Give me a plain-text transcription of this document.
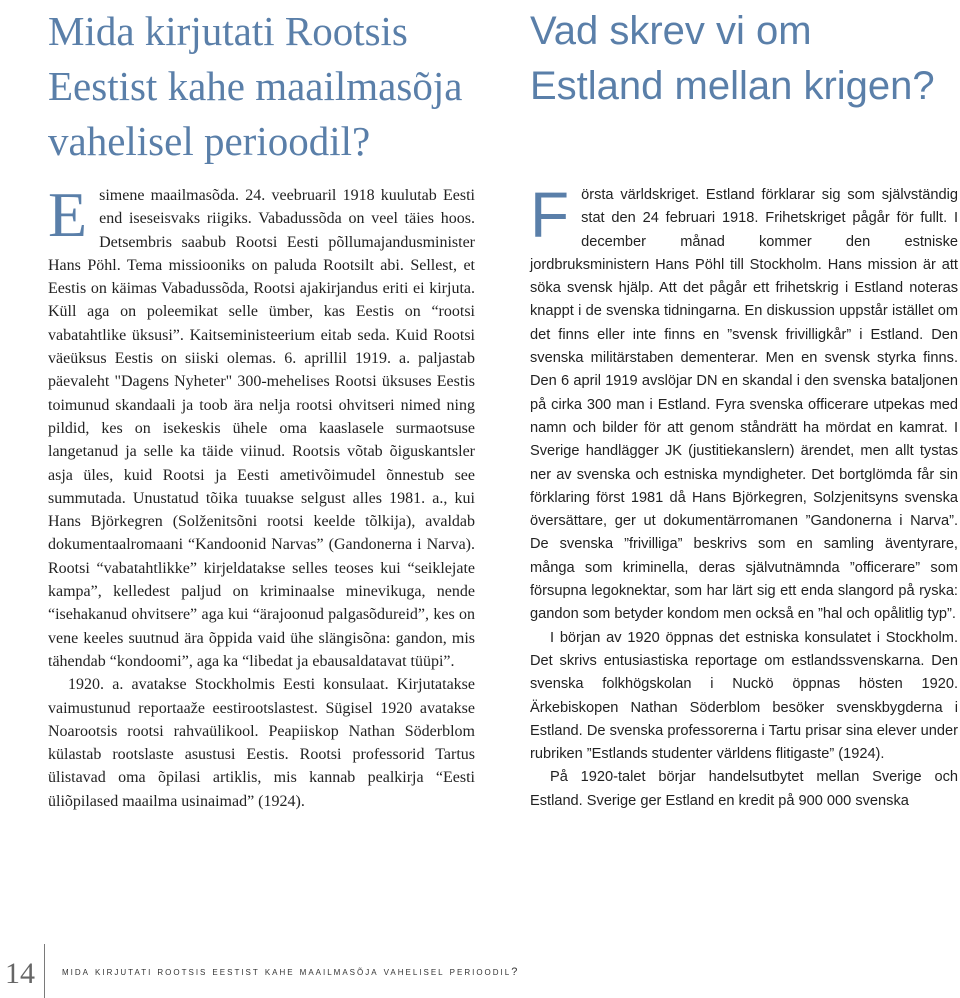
Mida kirjutati Rootsis Eestist kahe maailmasõja vahelisel perioodil?
Vad skrev vi om Estland mellan krigen?

Esimene maailmasõda. 24. veebruaril 1918 kuulutab Eesti end iseseisvaks riigiks. Vabadussõda on veel täies hoos. Detsembris saabub Rootsi Eesti põllumajandusminister Hans Pöhl. Tema missiooniks on paluda Rootsilt abi. Sellest, et Eestis on käimas Vabadussõda, Rootsi ajakirjandus eriti ei kirjuta. Küll aga on poleemikat selle ümber, kas Eestis on “rootsi vabatahtlike üksusi”. Kaitseministeerium eitab seda. Kuid Rootsi väeüksus Eestis on siiski olemas. 6. aprillil 1919. a. paljastab päevaleht "Dagens Nyheter" 300-mehelises Rootsi üksuses Eestis toimunud skandaali ja toob ära nelja rootsi ohvitseri nimed ning pildid, kes on isekeskis ühele oma kaaslasele surmaotsuse langetanud ja selle ka täide viinud. Rootsis võtab õiguskantsler asja üles, kuid Rootsi ja Eesti ametivõimudel õnnestub see summutada. Unustatud tõika tuuakse selgust alles 1981. a., kui Hans Björkegren (Solženitsõni rootsi keelde tõlkija), avaldab dokumentaalromaani “Kandoonid Narvas” (Gandonerna i Narva). Rootsi “vabatahtlikke” kirjeldatakse selles teoses kui “seiklejate kampa”, kelledest paljud on kriminaalse minevikuga, nende “isehakanud ohvitsere” aga kui “ärajoonud palgasõdureid”, kes on vene keeles suutnud ära õppida vaid ühe slängisõna: gandon, mis tähendab “kondoomi”, aga ka “libedat ja ebausaldatavat tüüpi”.

1920. a. avatakse Stockholmis Eesti konsulaat. Kirjutatakse vaimustunud reportaaže eestirootslastest. Sügisel 1920 avatakse Noarootsis rootsi rahvaülikool. Peapiiskop Nathan Söderblom külastab rootslaste asustusi Eestis. Rootsi professorid Tartus ülistavad oma õpilasi artiklis, mis kannab pealkirja “Eesti üliõpilased maailma usinaimad” (1924).

Första världskriget. Estland förklarar sig som självständig stat den 24 februari 1918. Frihetskriget pågår för fullt. I december månad kommer den estniske jordbruksministern Hans Pöhl till Stockholm. Hans mission är att söka svensk hjälp. Att det pågår ett frihetskrig i Estland noteras knappt i de svenska tidningarna. En diskussion uppstår istället om det finns eller inte finns en ”svensk frivilligkår” i Estland. Den svenska militärstaben dementerar. Men en svensk styrka finns. Den 6 april 1919 avslöjar DN en skandal i den svenska bataljonen på cirka 300 man i Estland. Fyra svenska officerare utpekas med namn och bilder för att genom ståndrätt ha mördat en kamrat. I Sverige handlägger JK (justitiekanslern) ärendet, men allt tystas ner av svenska och estniska myndigheter. Det bortglömda får sin förklaring först 1981 då Hans Björkegren, Solzjenitsyns svenska översättare, ger ut dokumentärromanen ”Gandonerna i Narva”. De svenska ”frivilliga” beskrivs som en samling äventyrare, många som kriminella, deras självutnämnda ”officerare” som försupna legoknektar, som har lärt sig ett enda slangord på ryska: gandon som betyder kondom men också en ”hal och opålitlig typ”.

I början av 1920 öppnas det estniska konsulatet i Stockholm. Det skrivs entusiastiska reportage om estlandssvenskarna. Den svenska folkhögskolan i Nuckö öppnas hösten 1920. Ärkebiskopen Nathan Söderblom besöker svenskbygderna i Estland. De svenska professorerna i Tartu prisar sina elever under rubriken ”Estlands studenter världens flitigaste” (1924).

På 1920-talet börjar handelsutbytet mellan Sverige och Estland. Sverige ger Estland en kredit på 900 000 svenska

14	mida kirjutati rootsis eestist kahe maailmasõja vahelisel perioodil?
